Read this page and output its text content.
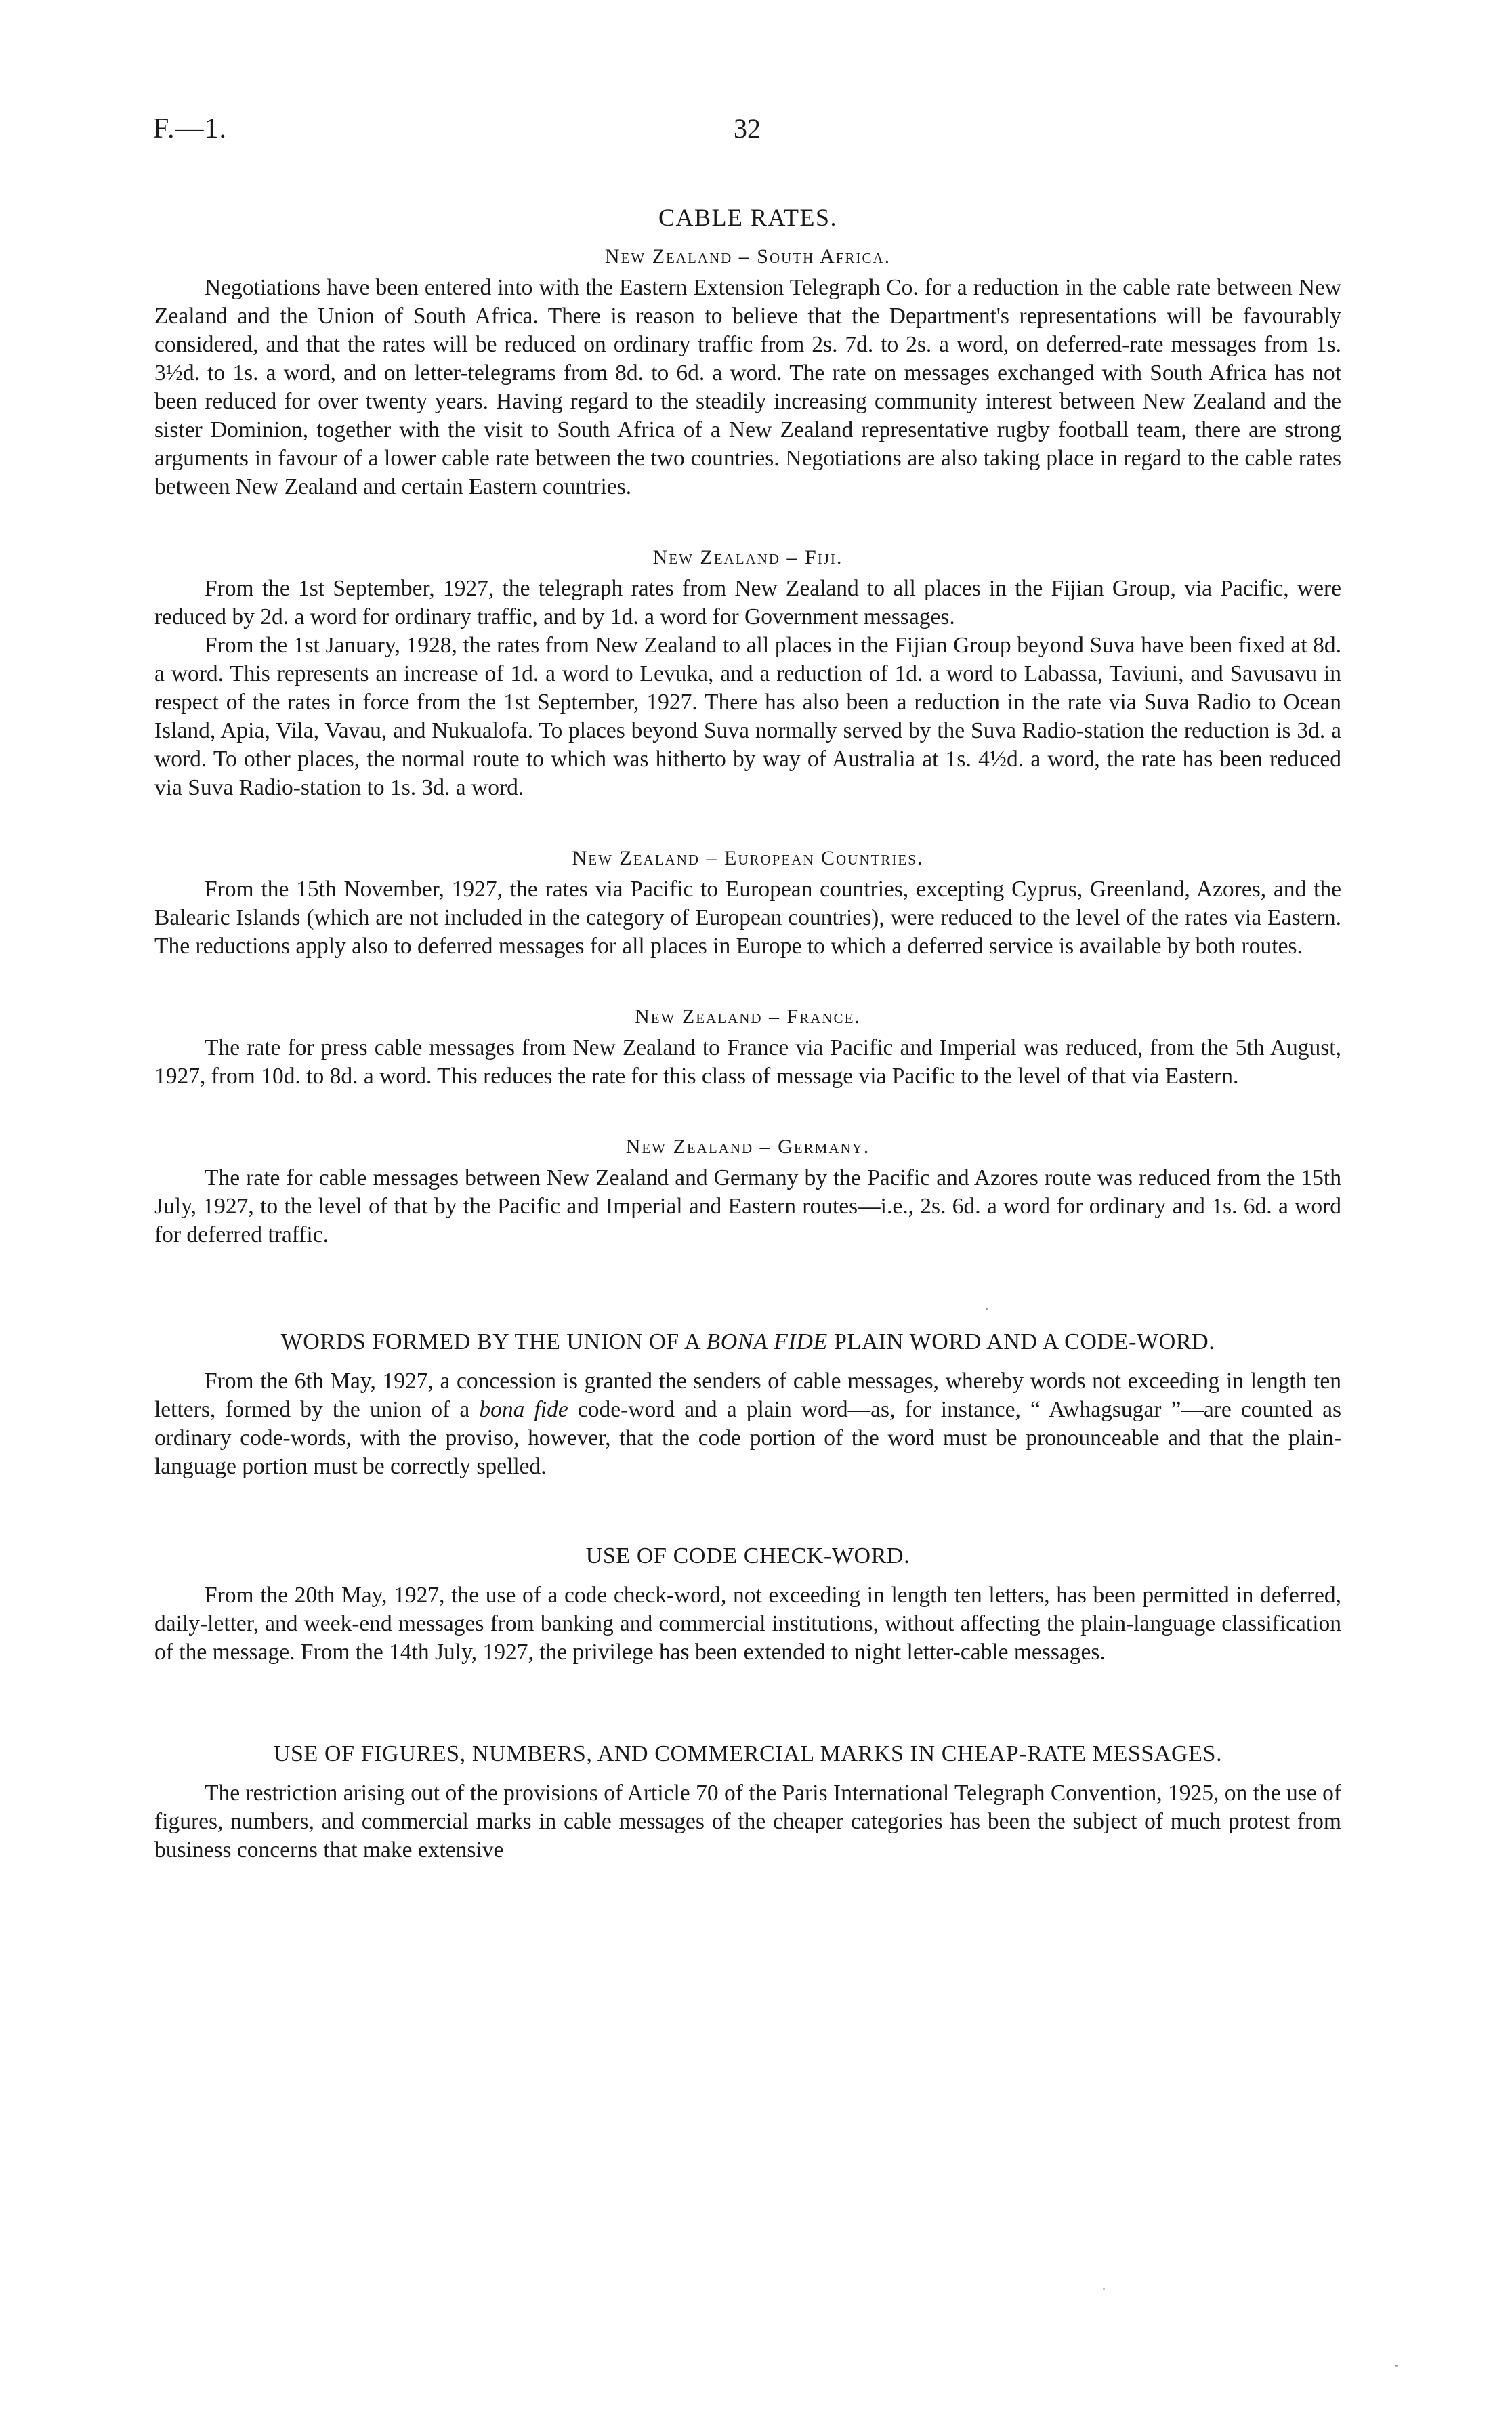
F.—1.	32
CABLE RATES.
New Zealand – South Africa.

Negotiations have been entered into with the Eastern Extension Telegraph Co. for a reduction in the cable rate between New Zealand and the Union of South Africa. There is reason to believe that the Department's representations will be favourably considered, and that the rates will be reduced on ordinary traffic from 2s. 7d. to 2s. a word, on deferred-rate messages from 1s. 3½d. to 1s. a word, and on letter-telegrams from 8d. to 6d. a word. The rate on messages exchanged with South Africa has not been reduced for over twenty years. Having regard to the steadily increasing community interest between New Zealand and the sister Dominion, together with the visit to South Africa of a New Zealand representative rugby football team, there are strong arguments in favour of a lower cable rate between the two countries. Negotiations are also taking place in regard to the cable rates between New Zealand and certain Eastern countries.

New Zealand – Fiji.

From the 1st September, 1927, the telegraph rates from New Zealand to all places in the Fijian Group, via Pacific, were reduced by 2d. a word for ordinary traffic, and by 1d. a word for Government messages.

From the 1st January, 1928, the rates from New Zealand to all places in the Fijian Group beyond Suva have been fixed at 8d. a word. This represents an increase of 1d. a word to Levuka, and a reduction of 1d. a word to Labassa, Taviuni, and Savusavu in respect of the rates in force from the 1st September, 1927. There has also been a reduction in the rate via Suva Radio to Ocean Island, Apia, Vila, Vavau, and Nukualofa. To places beyond Suva normally served by the Suva Radio-station the reduction is 3d. a word. To other places, the normal route to which was hitherto by way of Australia at 1s. 4½d. a word, the rate has been reduced via Suva Radio-station to 1s. 3d. a word.

New Zealand – European Countries.

From the 15th November, 1927, the rates via Pacific to European countries, excepting Cyprus, Greenland, Azores, and the Balearic Islands (which are not included in the category of European countries), were reduced to the level of the rates via Eastern. The reductions apply also to deferred messages for all places in Europe to which a deferred service is available by both routes.

New Zealand – France.

The rate for press cable messages from New Zealand to France via Pacific and Imperial was reduced, from the 5th August, 1927, from 10d. to 8d. a word. This reduces the rate for this class of message via Pacific to the level of that via Eastern.

New Zealand – Germany.

The rate for cable messages between New Zealand and Germany by the Pacific and Azores route was reduced from the 15th July, 1927, to the level of that by the Pacific and Imperial and Eastern routes—i.e., 2s. 6d. a word for ordinary and 1s. 6d. a word for deferred traffic.

WORDS FORMED BY THE UNION OF A BONA FIDE PLAIN WORD AND A CODE-WORD.

From the 6th May, 1927, a concession is granted the senders of cable messages, whereby words not exceeding in length ten letters, formed by the union of a bona fide code-word and a plain word—as, for instance, “ Awhagsugar ”—are counted as ordinary code-words, with the proviso, however, that the code portion of the word must be pronounceable and that the plain-language portion must be correctly spelled.

USE OF CODE CHECK-WORD.

From the 20th May, 1927, the use of a code check-word, not exceeding in length ten letters, has been permitted in deferred, daily-letter, and week-end messages from banking and commercial institutions, without affecting the plain-language classification of the message. From the 14th July, 1927, the privilege has been extended to night letter-cable messages.

USE OF FIGURES, NUMBERS, AND COMMERCIAL MARKS IN CHEAP-RATE MESSAGES.

The restriction arising out of the provisions of Article 70 of the Paris International Telegraph Convention, 1925, on the use of figures, numbers, and commercial marks in cable messages of the cheaper categories has been the subject of much protest from business concerns that make extensive
